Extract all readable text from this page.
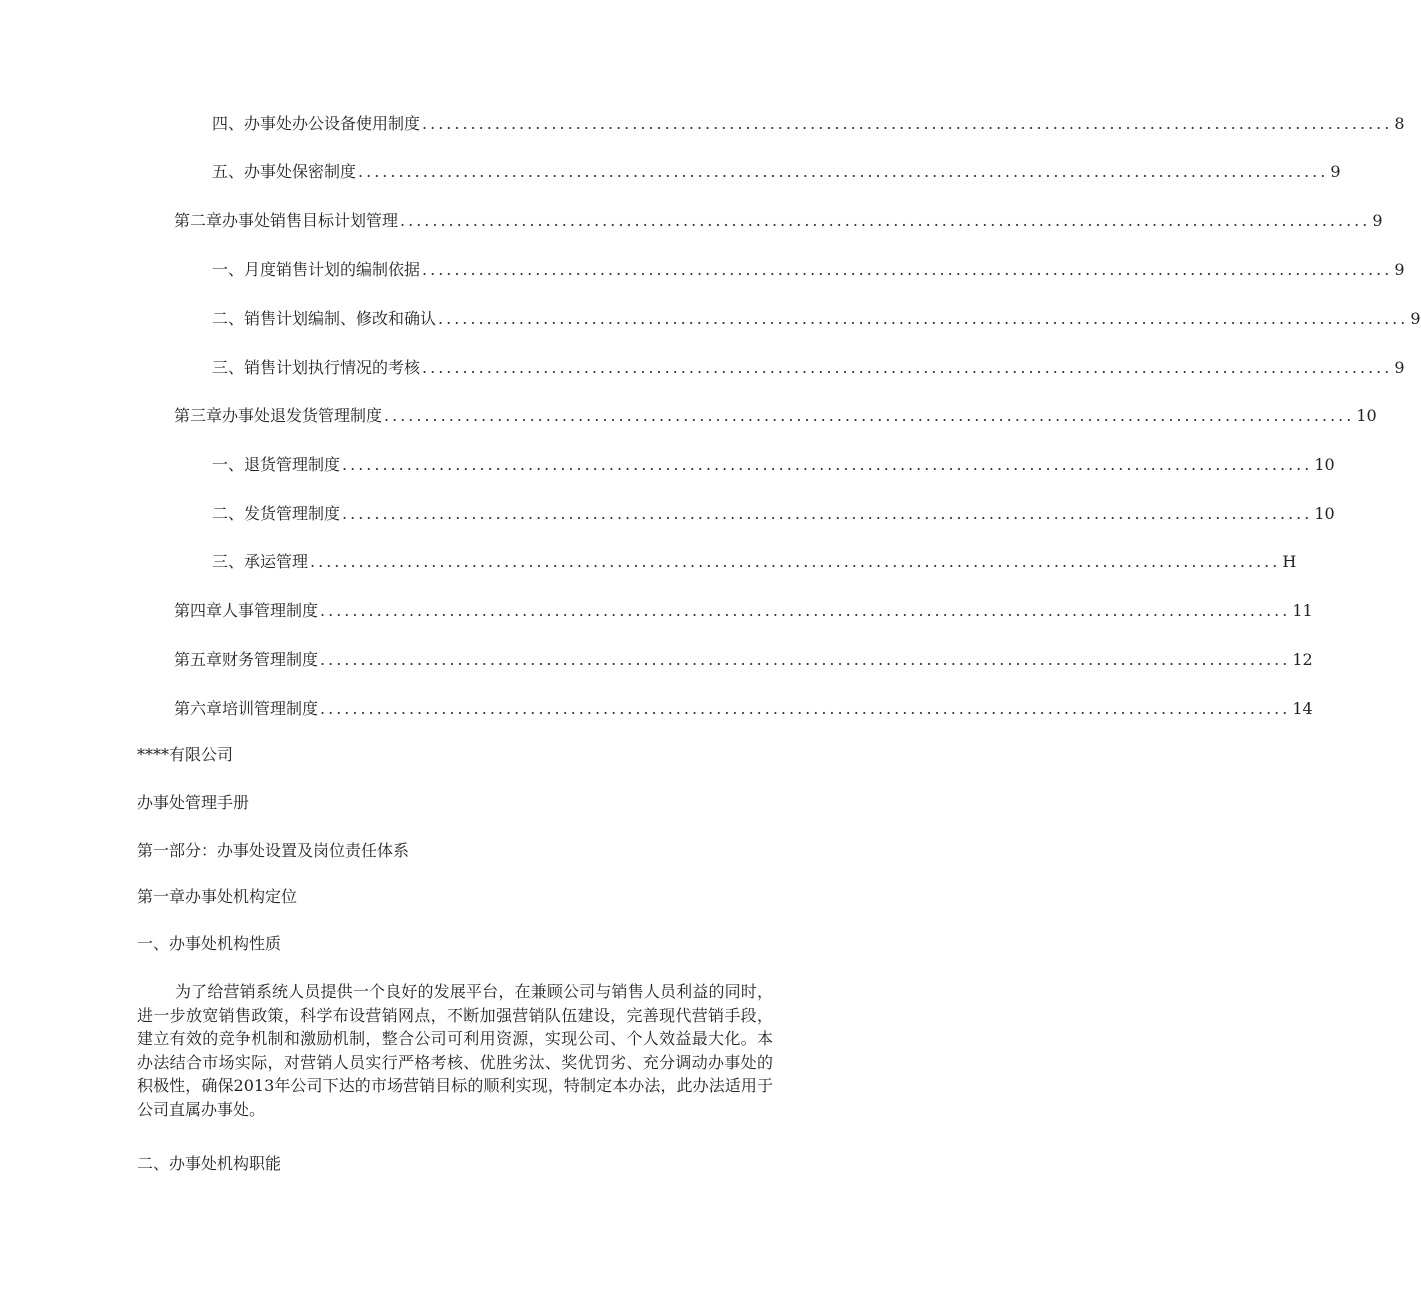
四、办事处办公设备使用制度 ........................................................................................................................ 8
五、办事处保密制度 ........................................................................................................................ 9
第二章办事处销售目标计划管理 ........................................................................................................................ 9
一、月度销售计划的编制依据 ........................................................................................................................ 9
二、销售计划编制、修改和确认 ........................................................................................................................ 9
三、销售计划执行情况的考核 ........................................................................................................................ 9
第三章办事处退发货管理制度 ........................................................................................................................ 10
一、退货管理制度 ........................................................................................................................ 10
二、发货管理制度 ........................................................................................................................ 10
三、承运管理 ........................................................................................................................ H
第四章人事管理制度 ........................................................................................................................ 11
第五章财务管理制度 ........................................................................................................................ 12
第六章培训管理制度 ........................................................................................................................ 14
****有限公司
办事处管理手册
第一部分：办事处设置及岗位责任体系
第一章办事处机构定位
一、办事处机构性质

为了给营销系统人员提供一个良好的发展平台，在兼顾公司与销售人员利益的同时，进一步放宽销售政策，科学布设营销网点，不断加强营销队伍建设，完善现代营销手段，建立有效的竞争机制和激励机制，整合公司可利用资源，实现公司、个人效益最大化。本办法结合市场实际，对营销人员实行严格考核、优胜劣汰、奖优罚劣、充分调动办事处的积极性，确保2013年公司下达的市场营销目标的顺利实现，特制定本办法，此办法适用于公司直属办事处。

二、办事处机构职能
